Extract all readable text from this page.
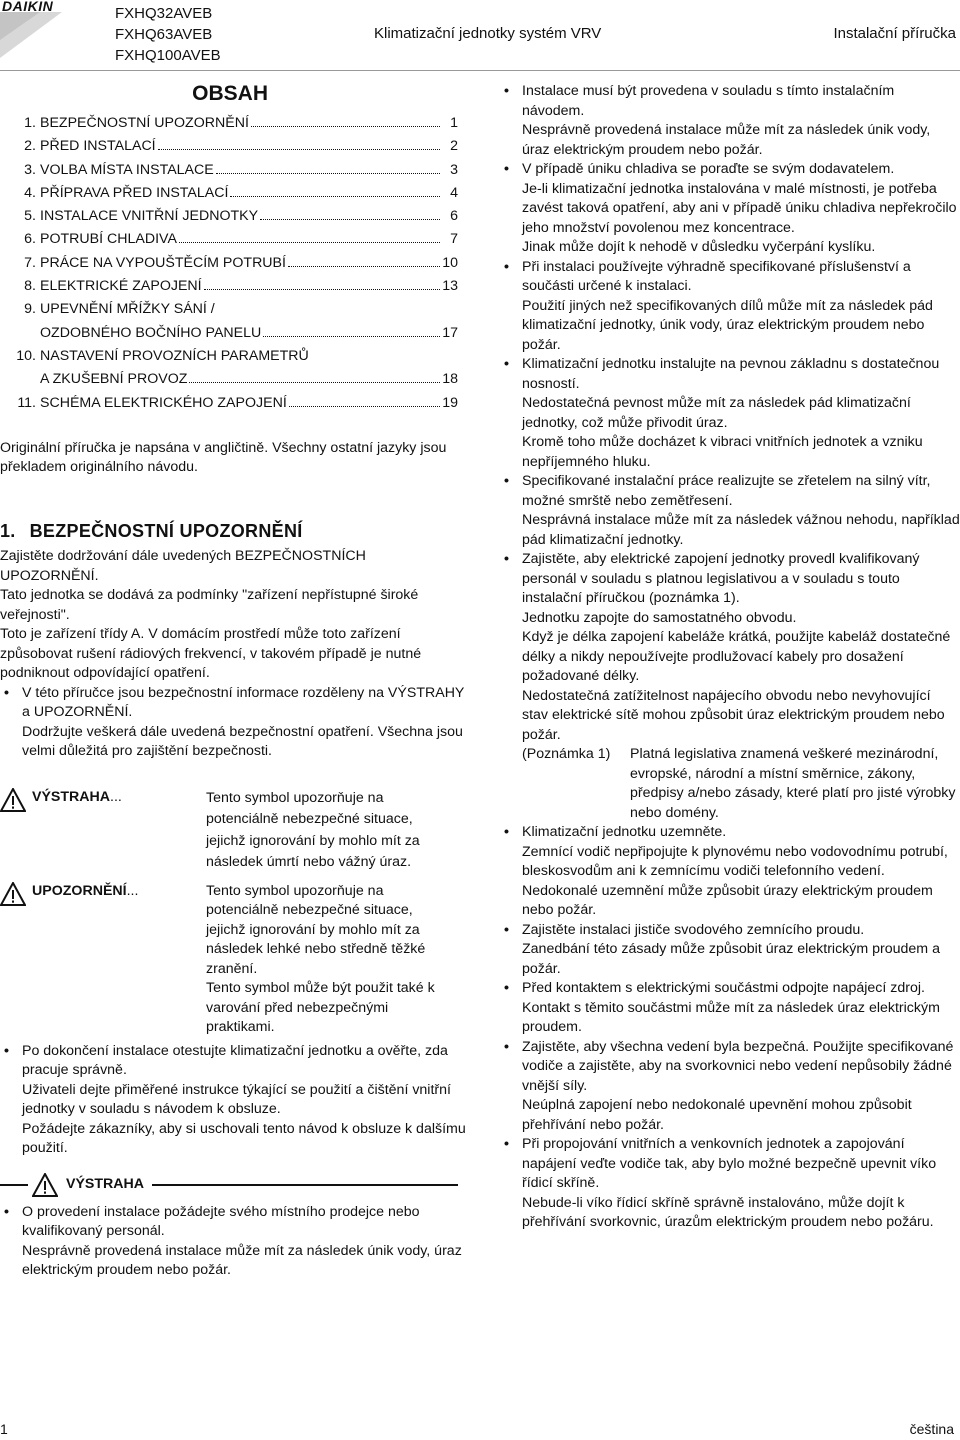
DAIKIN	FXHQ32AVEB
FXHQ63AVEB
FXHQ100AVEB
Klimatizační jednotky systém VRV	Instalační příručka
OBSAH
1. BEZPEČNOSTNÍ UPOZORNĚNÍ	1
2. PŘED INSTALACÍ	2
3. VOLBA MÍSTA INSTALACE	3
4. PŘÍPRAVA PŘED INSTALACÍ	4
5. INSTALACE VNITŘNÍ JEDNOTKY	6
6. POTRUBÍ CHLADIVA	7
7. PRÁCE NA VYPOUŠTĚCÍM POTRUBÍ	10
8. ELEKTRICKÉ ZAPOJENÍ	13
9. UPEVNĚNÍ MŘÍŽKY SÁNÍ /
OZDOBNÉHO BOČNÍHO PANELU	17
10. NASTAVENÍ PROVOZNÍCH PARAMETRŮ
A ZKUŠEBNÍ PROVOZ	18
11. SCHÉMA ELEKTRICKÉHO ZAPOJENÍ	19

Originální příručka je napsána v angličtině. Všechny ostatní jazyky jsou překladem originálního návodu.

1. BEZPEČNOSTNÍ UPOZORNĚNÍ

Zajistěte dodržování dále uvedených BEZPEČNOSTNÍCH UPOZORNĚNÍ.

Tato jednotka se dodává za podmínky "zařízení nepřístupné široké veřejnosti".

Toto je zařízení třídy A. V domácím prostředí může toto zařízení způsobovat rušení rádiových frekvencí, v takovém případě je nutné podniknout odpovídající opatření.

• V této příručce jsou bezpečnostní informace rozděleny na VÝSTRAHY a UPOZORNĚNÍ.
Dodržujte veškerá dále uvedená bezpečnostní opatření. Všechna jsou velmi důležitá pro zajištění bezpečnosti.
VÝSTRAHA ...	Tento symbol upozorňuje na potenciálně nebezpečné situace, jejichž ignorování by mohlo mít za následek úmrtí nebo vážný úraz.
UPOZORNĚNÍ ...	Tento symbol upozorňuje na potenciálně nebezpečné situace, jejichž ignorování by mohlo mít za následek lehké nebo středně těžké zranění.
Tento symbol může být použit také k varování před nebezpečnými praktikami.
• Po dokončení instalace otestujte klimatizační jednotku a ověřte, zda pracuje správně.
Uživateli dejte přiměřené instrukce týkající se použití a čištění vnitřní jednotky v souladu s návodem k obsluze.
Požádejte zákazníky, aby si uschovali tento návod k obsluze k dalšímu použití.
VÝSTRAHA
• O provedení instalace požádejte svého místního prodejce nebo kvalifikovaný personál.
Nesprávně provedená instalace může mít za následek únik vody, úraz elektrickým proudem nebo požár.
• Instalace musí být provedena v souladu s tímto instalačním návodem.
Nesprávně provedená instalace může mít za následek únik vody, úraz elektrickým proudem nebo požár.
• V případě úniku chladiva se poraďte se svým dodavatelem.
Je-li klimatizační jednotka instalována v malé místnosti, je potřeba zavést taková opatření, aby ani v případě úniku chladiva nepřekročilo jeho množství povolenou mez koncentrace.
Jinak může dojít k nehodě v důsledku vyčerpání kyslíku.
• Při instalaci používejte výhradně specifikované příslušenství a součásti určené k instalaci.
Použití jiných než specifikovaných dílů může mít za následek pád klimatizační jednotky, únik vody, úraz elektrickým proudem nebo požár.
• Klimatizační jednotku instalujte na pevnou základnu s dostatečnou nosností.
Nedostatečná pevnost může mít za následek pád klimatizační jednotky, což může přivodit úraz.
Kromě toho může docházet k vibraci vnitřních jednotek a vzniku nepříjemného hluku.
• Specifikované instalační práce realizujte se zřetelem na silný vítr, možné smrště nebo zemětřesení.
Nesprávná instalace může mít za následek vážnou nehodu, například pád klimatizační jednotky.
• Zajistěte, aby elektrické zapojení jednotky provedl kvalifikovaný personál v souladu s platnou legislativou a v souladu s touto instalační příručkou (poznámka 1).
Jednotku zapojte do samostatného obvodu.
Když je délka zapojení kabeláže krátká, použijte kabeláž dostatečné délky a nikdy nepoužívejte prodlužovací kabely pro dosažení požadované délky.
Nedostatečná zatížitelnost napájecího obvodu nebo nevyhovující stav elektrické sítě mohou způsobit úraz elektrickým proudem nebo požár.
(Poznámka 1)	Platná legislativa znamená veškeré mezinárodní, evropské, národní a místní směrnice, zákony, předpisy a/nebo zásady, které platí pro jisté výrobky nebo domény.
• Klimatizační jednotku uzemněte.
Zemnící vodič nepřipojujte k plynovému nebo vodovodnímu potrubí, bleskosvodům ani k zemnícímu vodiči telefonního vedení.
Nedokonalé uzemnění může způsobit úrazy elektrickým proudem nebo požár.
• Zajistěte instalaci jističe svodového zemnícího proudu.
Zanedbání této zásady může způsobit úraz elektrickým proudem a požár.
• Před kontaktem s elektrickými součástmi odpojte napájecí zdroj.
Kontakt s těmito součástmi může mít za následek úraz elektrickým proudem.
• Zajistěte, aby všechna vedení byla bezpečná. Použijte specifikované vodiče a zajistěte, aby na svorkovnici nebo vedení nepůsobily žádné vnější síly.
Neúplná zapojení nebo nedokonalé upevnění mohou způsobit přehřívání nebo požár.
• Při propojování vnitřních a venkovních jednotek a zapojování napájení veďte vodiče tak, aby bylo možné bezpečně upevnit víko řídicí skříně.
Nebude-li víko řídicí skříně správně instalováno, může dojít k přehřívání svorkovnic, úrazům elektrickým proudem nebo požáru.
1	čeština
